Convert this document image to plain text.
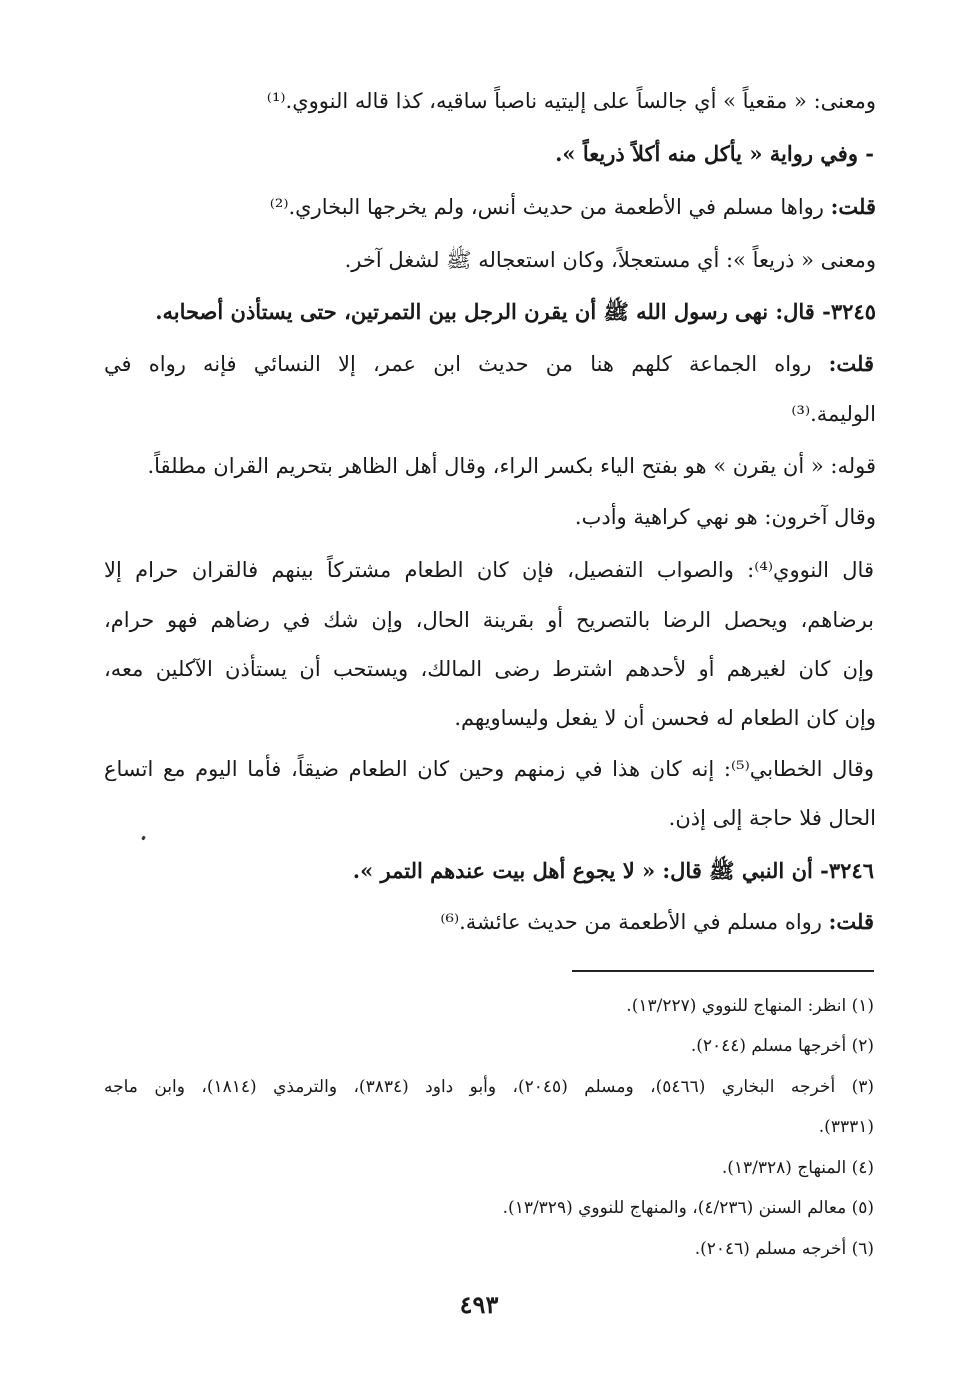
ومعنى: « مقعياً » أي جالساً على إليتيه ناصباً ساقيه، كذا قاله النووي.⁽¹⁾
- وفي رواية « يأكل منه أكلاً ذريعاً ».
قلت: رواها مسلم في الأطعمة من حديث أنس، ولم يخرجها البخاري.⁽²⁾
ومعنى « ذريعاً »: أي مستعجلاً، وكان استعجاله ﷺ لشغل آخر.
٣٢٤٥- قال: نهى رسول الله ﷺ أن يقرن الرجل بين التمرتين، حتى يستأذن أصحابه.
قلت: رواه الجماعة كلهم هنا من حديث ابن عمر، إلا النسائي فإنه رواه في
الوليمة.⁽³⁾
قوله: « أن يقرن » هو بفتح الياء بكسر الراء، وقال أهل الظاهر بتحريم القران مطلقاً.
وقال آخرون: هو نهي كراهية وأدب.
قال النووي⁽⁴⁾: والصواب التفصيل، فإن كان الطعام مشتركاً بينهم فالقران حرام إلا
برضاهم، ويحصل الرضا بالتصريح أو بقرينة الحال، وإن شك في رضاهم فهو حرام،
وإن كان لغيرهم أو لأحدهم اشترط رضى المالك، ويستحب أن يستأذن الآكلين معه،
وإن كان الطعام له فحسن أن لا يفعل وليساويهم.
وقال الخطابي⁽⁵⁾: إنه كان هذا في زمنهم وحين كان الطعام ضيقاً، فأما اليوم مع اتساع
الحال فلا حاجة إلى إذن.
٣٢٤٦- أن النبي ﷺ قال: « لا يجوع أهل بيت عندهم التمر ».
قلت: رواه مسلم في الأطعمة من حديث عائشة.⁽⁶⁾
(١) انظر: المنهاج للنووي (١٣/٢٢٧).
(٢) أخرجها مسلم (٢٠٤٤).
(٣) أخرجه البخاري (٥٤٦٦)، ومسلم (٢٠٤٥)، وأبو داود (٣٨٣٤)، والترمذي (١٨١٤)، وابن ماجه
(٣٣٣١).
(٤) المنهاج (١٣/٣٢٨).
(٥) معالم السنن (٤/٢٣٦)، والمنهاج للنووي (١٣/٣٢٩).
(٦) أخرجه مسلم (٢٠٤٦).
٤٩٣
